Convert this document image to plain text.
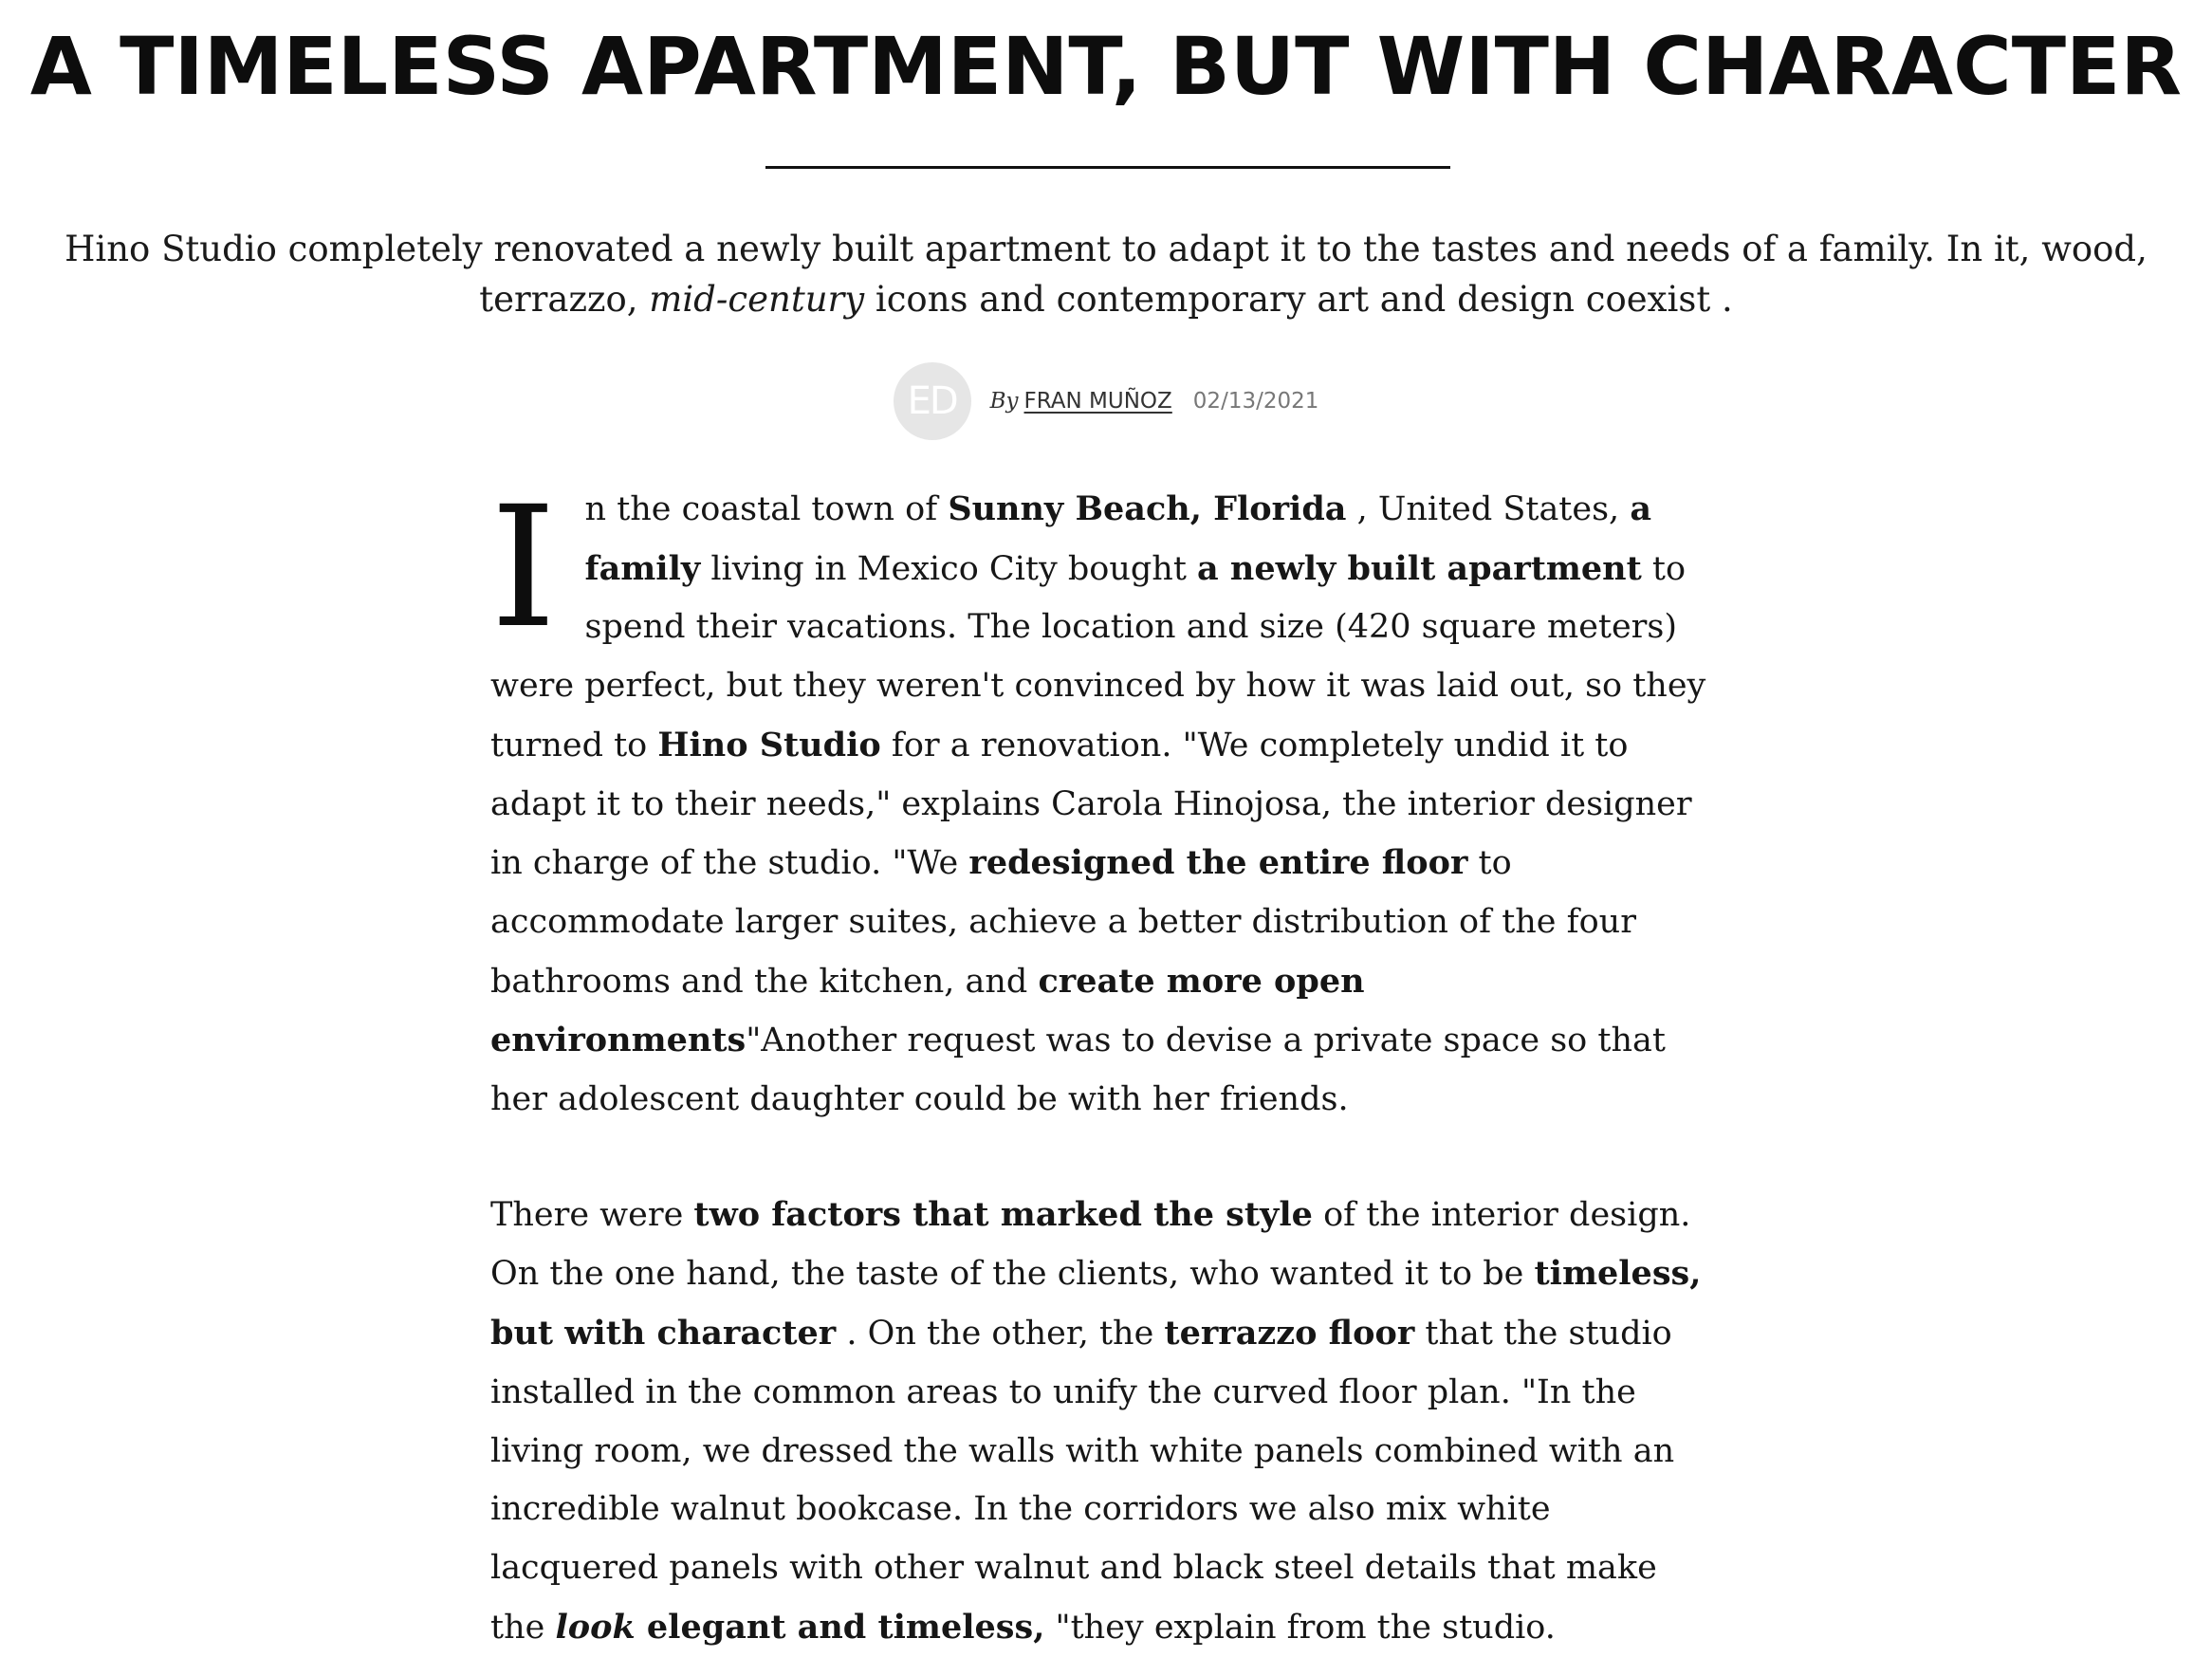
A TIMELESS APARTMENT, BUT WITH CHARACTER

Hino Studio completely renovated a newly built apartment to adapt it to the tastes and needs of a family. In it, wood, terrazzo, mid-century icons and contemporary art and design coexist .

ED	By FRAN MUÑOZ 02/13/2021

In the coastal town of Sunny Beach, Florida , United States, a family living in Mexico City bought a newly built apartment to spend their vacations. The location and size (420 square meters) were perfect, but they weren't convinced by how it was laid out, so they turned to Hino Studio for a renovation. "We completely undid it to adapt it to their needs," explains Carola Hinojosa, the interior designer in charge of the studio. "We redesigned the entire floor to accommodate larger suites, achieve a better distribution of the four bathrooms and the kitchen, and create more open environments"Another request was to devise a private space so that her adolescent daughter could be with her friends.

There were two factors that marked the style of the interior design. On the one hand, the taste of the clients, who wanted it to be timeless, but with character . On the other, the terrazzo floor that the studio installed in the common areas to unify the curved floor plan. "In the living room, we dressed the walls with white panels combined with an incredible walnut bookcase. In the corridors we also mix white lacquered panels with other walnut and black steel details that make the look elegant and timeless, "they explain from the studio.
